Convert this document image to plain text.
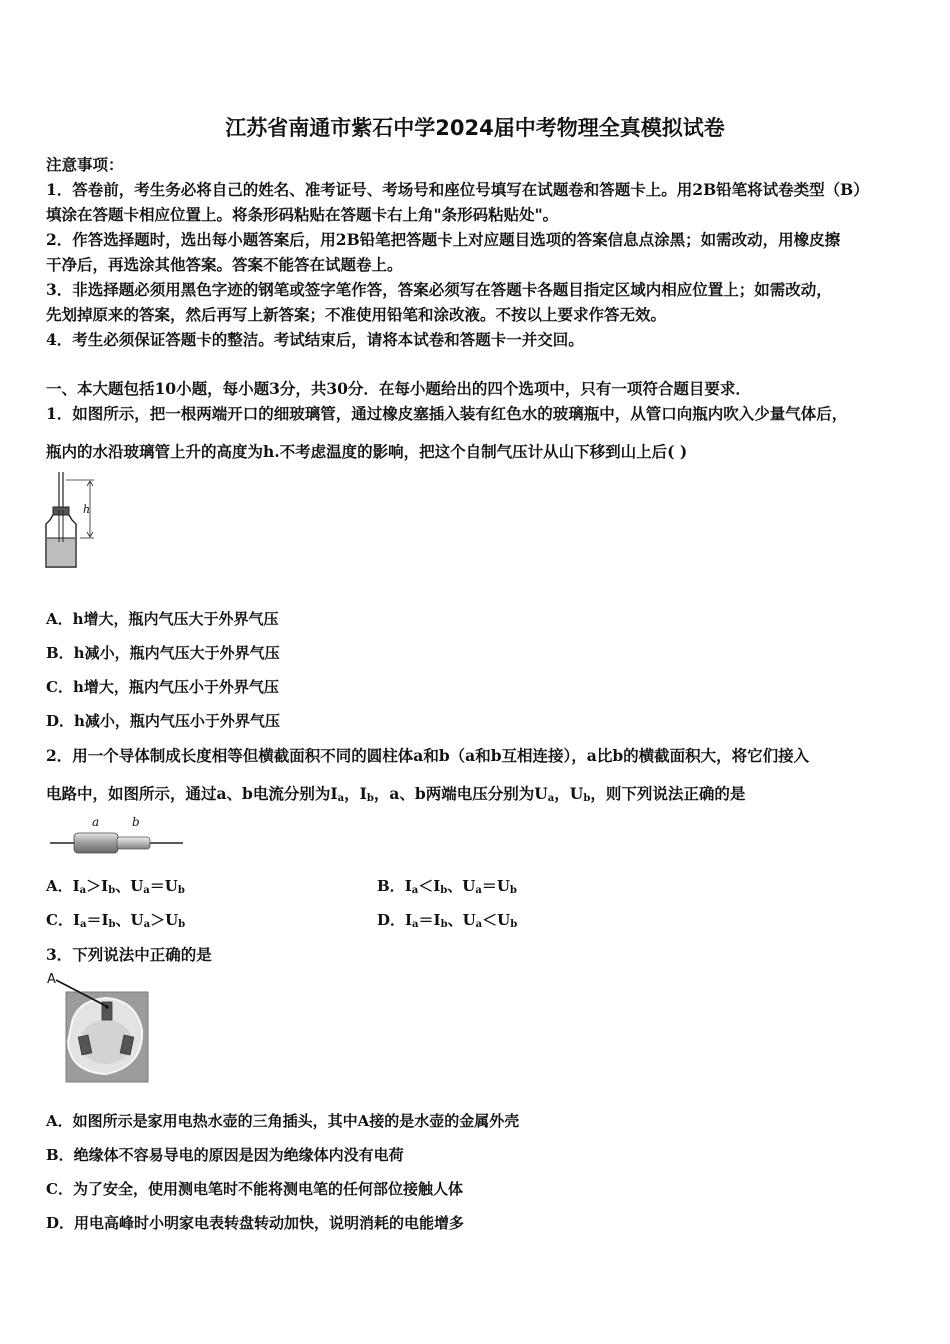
江苏省南通市紫石中学2024届中考物理全真模拟试卷
注意事项：
1．答卷前，考生务必将自己的姓名、准考证号、考场号和座位号填写在试题卷和答题卡上。用2B铅笔将试卷类型（B）
填涂在答题卡相应位置上。将条形码粘贴在答题卡右上角"条形码粘贴处"。
2．作答选择题时，选出每小题答案后，用2B铅笔把答题卡上对应题目选项的答案信息点涂黑；如需改动，用橡皮擦
干净后，再选涂其他答案。答案不能答在试题卷上。
3．非选择题必须用黑色字迹的钢笔或签字笔作答，答案必须写在答题卡各题目指定区域内相应位置上；如需改动，
先划掉原来的答案，然后再写上新答案；不准使用铅笔和涂改液。不按以上要求作答无效。
4．考生必须保证答题卡的整洁。考试结束后，请将本试卷和答题卡一并交回。
一、本大题包括10小题，每小题3分，共30分．在每小题给出的四个选项中，只有一项符合题目要求．
1．如图所示，把一根两端开口的细玻璃管，通过橡皮塞插入装有红色水的玻璃瓶中，从管口向瓶内吹入少量气体后，
瓶内的水沿玻璃管上升的高度为h.不考虑温度的影响，把这个自制气压计从山下移到山上后( )
h
A．h增大，瓶内气压大于外界气压
B．h减小，瓶内气压大于外界气压
C．h增大，瓶内气压小于外界气压
D．h减小，瓶内气压小于外界气压
2．用一个导体制成长度相等但横截面积不同的圆柱体a和b（a和b互相连接），a比b的横截面积大，将它们接入
电路中，如图所示，通过a、b电流分别为$I_a$，$I_b$，a、b两端电压分别为$U_a$，$U_b$，则下列说法正确的是
a	b
A．$I_a>I_b$、$U_a=U_b$	B．$I_a<I_b$、$U_a=U_b$
C．$I_a=I_b$、$U_a>U_b$	D．$I_a=I_b$、$U_a<U_b$
3．下列说法中正确的是
A
A．如图所示是家用电热水壶的三角插头，其中A接的是水壶的金属外壳
B．绝缘体不容易导电的原因是因为绝缘体内没有电荷
C．为了安全，使用测电笔时不能将测电笔的任何部位接触人体
D．用电高峰时小明家电表转盘转动加快，说明消耗的电能增多
